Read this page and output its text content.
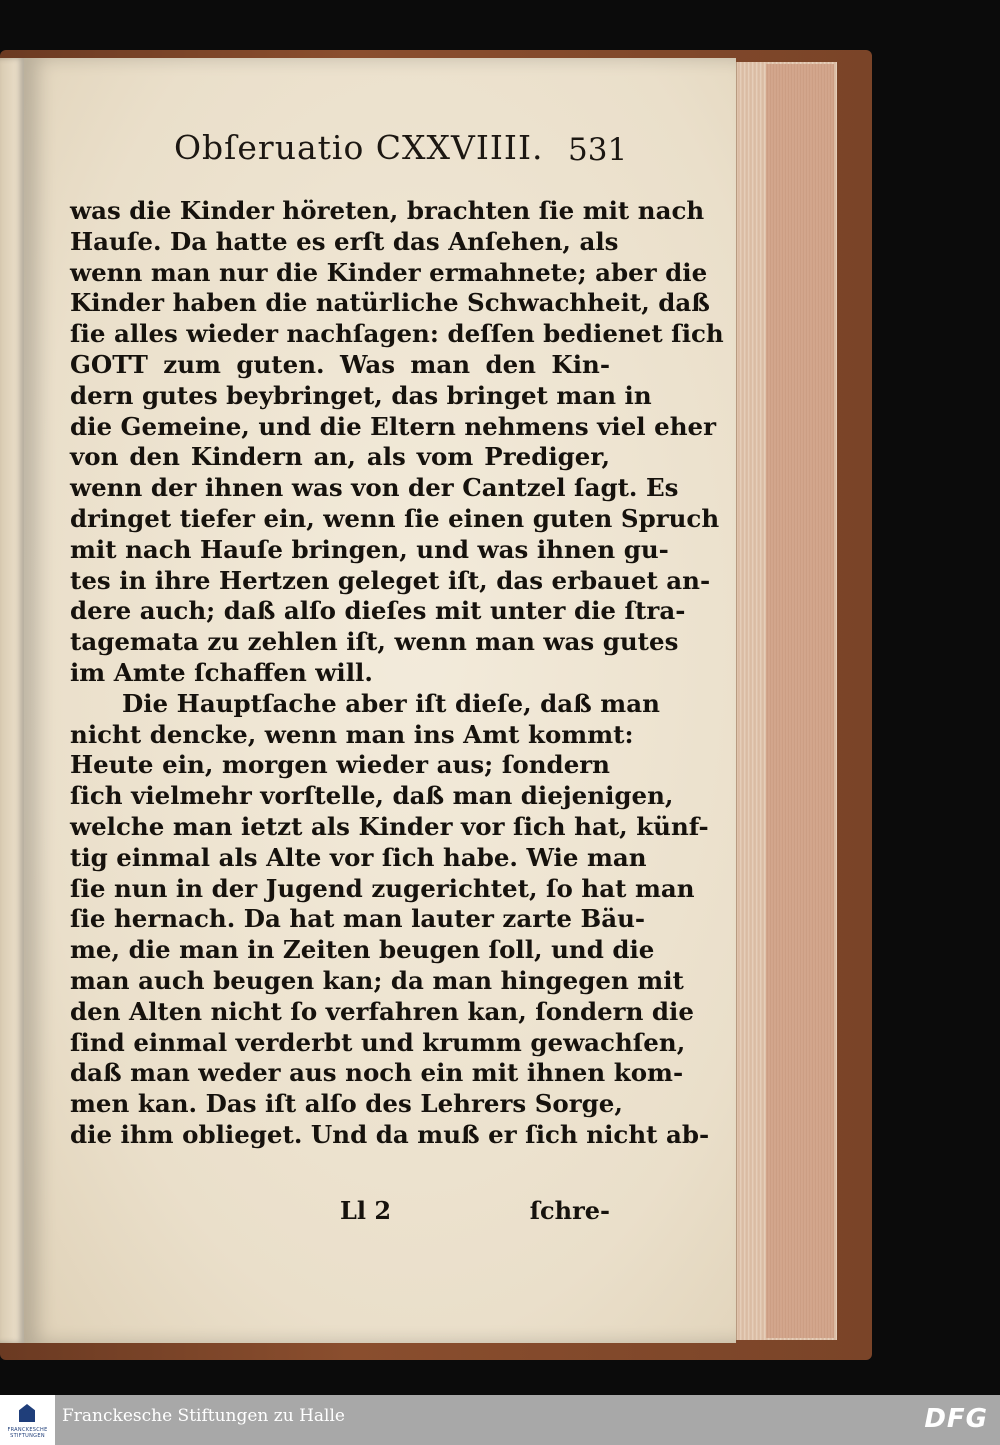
Obſeruatio CXXVIIII. 531
was die Kinder höreten, brachten ſie mit nach
Hauſe. Da hatte es erſt das Anſehen, als
wenn man nur die Kinder ermahnete; aber die
Kinder haben die natürliche Schwachheit, daß
ſie alles wieder nachſagen: deſſen bedienet ſich
GOTT zum guten. Was man den Kin-
dern gutes beybringet, das bringet man in
die Gemeine, und die Eltern nehmens viel eher
von den Kindern an, als vom Prediger,
wenn der ihnen was von der Cantzel ſagt. Es
dringet tiefer ein, wenn ſie einen guten Spruch
mit nach Hauſe bringen, und was ihnen gu-
tes in ihre Hertzen geleget iſt, das erbauet an-
dere auch; daß alſo dieſes mit unter die ſtra-
tagemata zu zehlen iſt, wenn man was gutes
im Amte ſchaffen will.
Die Hauptſache aber iſt dieſe, daß man
nicht dencke, wenn man ins Amt kommt:
Heute ein, morgen wieder aus; ſondern
ſich vielmehr vorſtelle, daß man diejenigen,
welche man ietzt als Kinder vor ſich hat, künf-
tig einmal als Alte vor ſich habe. Wie man
ſie nun in der Jugend zugerichtet, ſo hat man
ſie hernach. Da hat man lauter zarte Bäu-
me, die man in Zeiten beugen ſoll, und die
man auch beugen kan; da man hingegen mit
den Alten nicht ſo verfahren kan, ſondern die
ſind einmal verderbt und krumm gewachſen,
daß man weder aus noch ein mit ihnen kom-
men kan. Das iſt alſo des Lehrers Sorge,
die ihm oblieget. Und da muß er ſich nicht ab-
Ll 2	ſchre-
FRANCKESCHE STIFTUNGEN
Franckesche Stiftungen zu Halle	DFG
